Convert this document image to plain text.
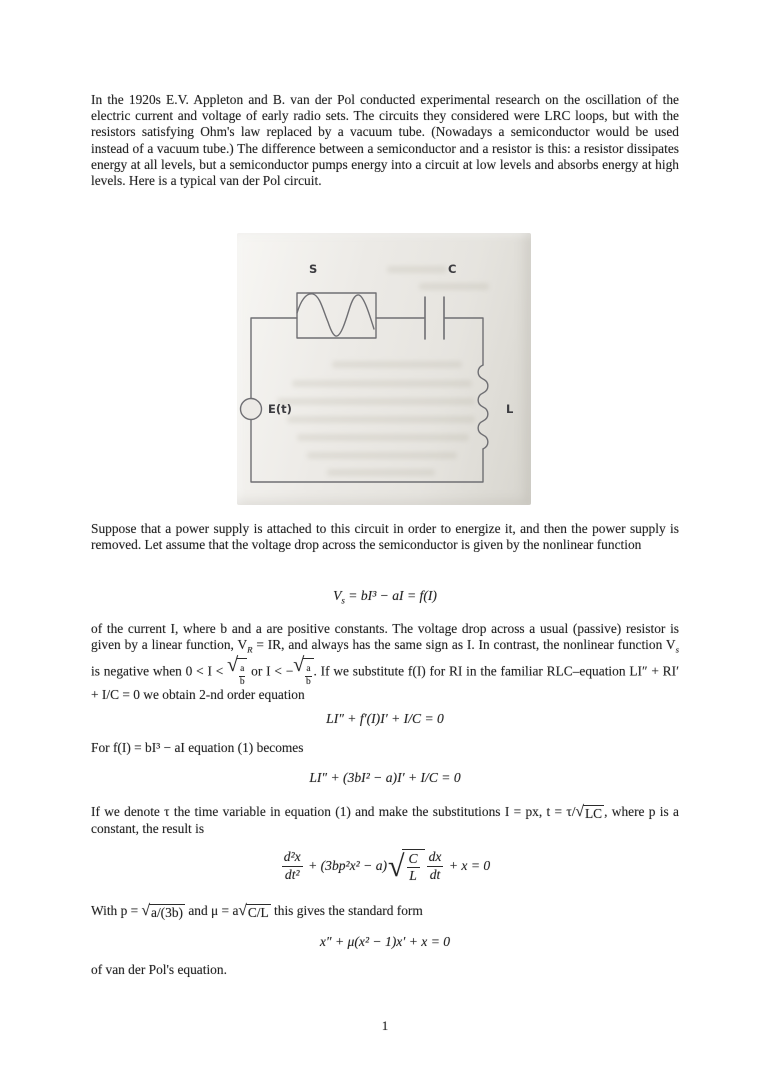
In the 1920s E.V. Appleton and B. van der Pol conducted experimental research on the oscillation of the electric current and voltage of early radio sets. The circuits they considered were LRC loops, but with the resistors satisfying Ohm's law replaced by a vacuum tube. (Nowadays a semiconductor would be used instead of a vacuum tube.) The difference between a semiconductor and a resistor is this: a resistor dissipates energy at all levels, but a semiconductor pumps energy into a circuit at low levels and absorbs energy at high levels. Here is a typical van der Pol circuit.

S	C
E(t)	L

Suppose that a power supply is attached to this circuit in order to energize it, and then the power supply is removed. Let assume that the voltage drop across the semiconductor is given by the nonlinear function

$V_s = bI^3$ − aI = f(I)

of the current I, where b and a are positive constants. The voltage drop across a usual (passive) resistor is given by a linear function, $V_R$ = IR, and always has the same sign as I. In contrast, the nonlinear function $V_s$ is negative when 0 < I < √ $\frac{a}{b}$ or I < − √ $\frac{a}{b}$ . If we substitute f(I) for RI in the familiar RLC–equation LI″ + RI′ + I/C = 0 we obtain 2-nd order equation

LI″ + f′(I)I′ + I/C = 0

For f(I) = bI³ − aI equation (1) becomes

LI″ + (3bI² − a)I′ + I/C = 0

If we denote τ the time variable in equation (1) and make the substitutions I = px, t = τ/ √ LC , where p is a constant, the result is

$\frac{\text{d²x}}{\text{dt²}} + (3bp^2x^2 - a)$ √ $\frac{C}{L} \frac{dx}{dt} + x = 0$

With p = √ a/(3b) and μ = a √ C/L this gives the standard form

x″ + μ(x² − 1)x′ + x = 0

of van der Pol's equation.

1
